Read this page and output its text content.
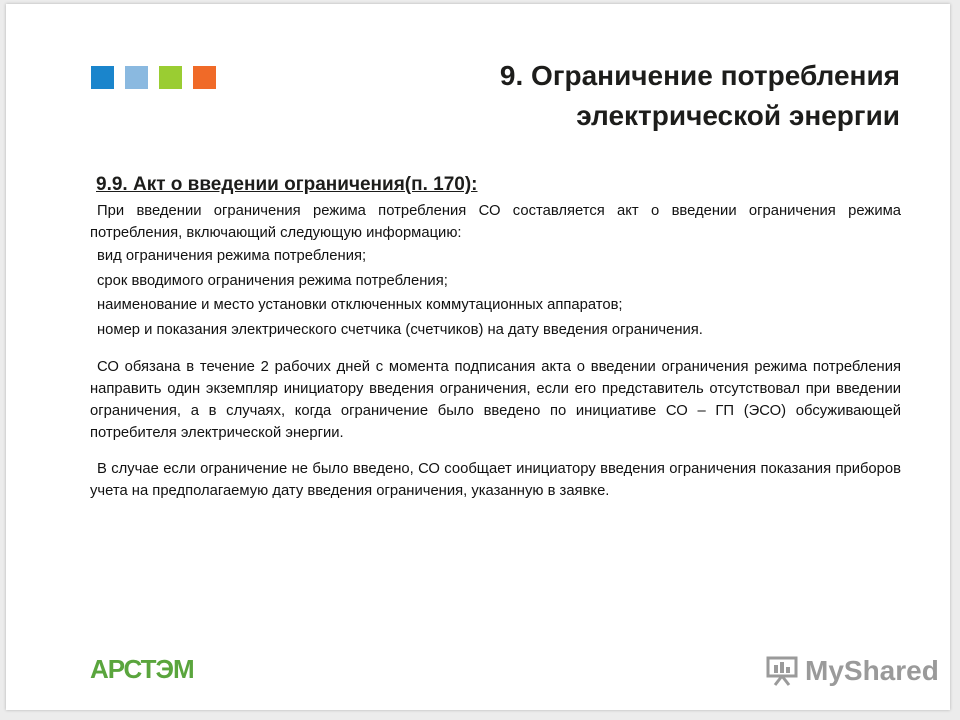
9. Ограничение потребления
электрической энергии

9.9. Акт о введении ограничения(п. 170):

При введении ограничения режима потребления СО составляется акт о введении ограничения режима потребления, включающий следующую информацию:

вид ограничения режима потребления;
срок вводимого ограничения режима потребления;
наименование и место установки отключенных коммутационных аппаратов;
номер и показания электрического счетчика (счетчиков) на дату введения ограничения.

СО обязана в течение 2 рабочих дней с момента подписания акта о введении ограничения режима потребления направить один экземпляр инициатору введения ограничения, если его представитель отсутствовал при введении ограничения, а в случаях, когда ограничение было введено по инициативе СО – ГП (ЭСО) обсуживающей потребителя электрической энергии.

В случае если ограничение не было введено, СО сообщает инициатору введения ограничения показания приборов учета на предполагаемую дату введения ограничения, указанную в заявке.

АРСТЭМ	MyShared
